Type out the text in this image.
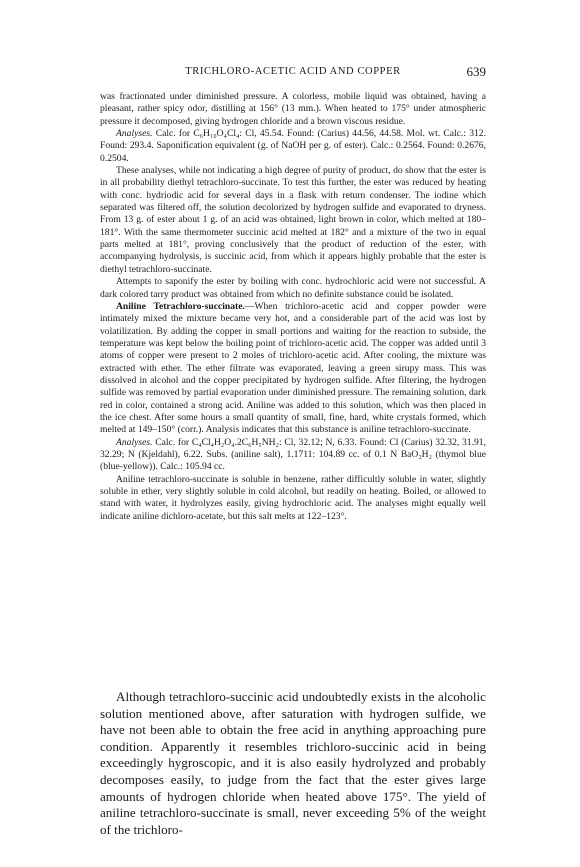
TRICHLORO-ACETIC ACID AND COPPER	639

was fractionated under diminished pressure. A colorless, mobile liquid was obtained, having a pleasant, rather spicy odor, distilling at 156° (13 mm.). When heated to 175° under atmospheric pressure it decomposed, giving hydrogen chloride and a brown viscous residue.

Analyses. Calc. for C₆H₁₀O₄Cl₄: Cl, 45.54. Found: (Carius) 44.56, 44.58. Mol. wt. Calc.: 312. Found: 293.4. Saponification equivalent (g. of NaOH per g. of ester). Calc.: 0.2564. Found: 0.2676, 0.2504.

These analyses, while not indicating a high degree of purity of product, do show that the ester is in all probability diethyl tetrachloro-succinate. To test this further, the ester was reduced by heating with conc. hydriodic acid for several days in a flask with return condenser. The iodine which separated was filtered off, the solution decolorized by hydrogen sulfide and evaporated to dryness. From 13 g. of ester about 1 g. of an acid was obtained, light brown in color, which melted at 180–181°. With the same thermometer succinic acid melted at 182° and a mixture of the two in equal parts melted at 181°, proving conclusively that the product of reduction of the ester, with accompanying hydrolysis, is succinic acid, from which it appears highly probable that the ester is diethyl tetrachloro-succinate.

Attempts to saponify the ester by boiling with conc. hydrochloric acid were not successful. A dark colored tarry product was obtained from which no definite substance could be isolated.

Aniline Tetrachloro-succinate.—When trichloro-acetic acid and copper powder were intimately mixed the mixture became very hot, and a considerable part of the acid was lost by volatilization. By adding the copper in small portions and waiting for the reaction to subside, the temperature was kept below the boiling point of trichloro-acetic acid. The copper was added until 3 atoms of copper were present to 2 moles of trichloro-acetic acid. After cooling, the mixture was extracted with ether. The ether filtrate was evaporated, leaving a green sirupy mass. This was dissolved in alcohol and the copper precipitated by hydrogen sulfide. After filtering, the hydrogen sulfide was removed by partial evaporation under diminished pressure. The remaining solution, dark red in color, contained a strong acid. Aniline was added to this solution, which was then placed in the ice chest. After some hours a small quantity of small, fine, hard, white crystals formed, which melted at 149–150° (corr.). Analysis indicates that this substance is aniline tetrachloro-succinate.

Analyses. Calc. for C₄Cl₄H₂O₄.2C₆H₅NH₂: Cl, 32.12; N, 6.33. Found: Cl (Carius) 32.32, 31.91, 32.29; N (Kjeldahl), 6.22. Subs. (aniline salt), 1.1711: 104.89 cc. of 0.1 N BaO₂H₂ (thymol blue (blue-yellow)). Calc.: 105.94 cc.

Aniline tetrachloro-succinate is soluble in benzene, rather difficultly soluble in water, slightly soluble in ether, very slightly soluble in cold alcohol, but readily on heating. Boiled, or allowed to stand with water, it hydrolyzes easily, giving hydrochloric acid. The analyses might equally well indicate aniline dichloro-acetate, but this salt melts at 122–123°.

Although tetrachloro-succinic acid undoubtedly exists in the alcoholic solution mentioned above, after saturation with hydrogen sulfide, we have not been able to obtain the free acid in anything approaching pure condition. Apparently it resembles trichloro-succinic acid in being exceedingly hygroscopic, and it is also easily hydrolyzed and probably decomposes easily, to judge from the fact that the ester gives large amounts of hydrogen chloride when heated above 175°. The yield of aniline tetrachloro-succinate is small, never exceeding 5% of the weight of the trichloro-
